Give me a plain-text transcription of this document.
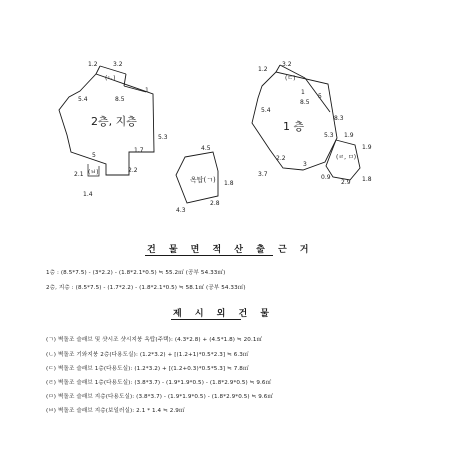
1.2	3.2
(ㄴ)
1
5.4	8.5
2층, 지층
5.3
5
1.7
2.2
2.1 (ㅂ)
1.4
4.5
옥탑(ㄱ) 1.8
2.8
4.3
1.2
3.2
(ㄷ)
1
5
5.4
8.5
8.3
1 층
5.3 1.9
1.9
2.2	(ㄹ, ㅁ)
3
3.7	0.9
2.9 1.8
건 물 면 적 산 출 근 거
1층 : (8.5*7.5) - (3*2.2) - (1.8*2.1*0.5) ≒ 55.2㎡ (공부 54.33㎡)
2층, 지층 : (8.5*7.5) - (1.7*2.2) - (1.8*2.1*0.5) ≒ 58.1㎡ (공부 54.33㎡)
제 시 외 건 물
(ㄱ) 벽돌조 슬래브 및 샷시조 샷시지붕 옥탑(주택): (4.3*2.8) + (4.5*1.8) ≒ 20.1㎡
(ㄴ) 벽돌조 기와지붕 2층(다용도실): (1.2*3.2) + [(1.2+1)*0.5*2.3] ≒ 6.3㎡
(ㄷ) 벽돌조 슬래브 1층(다용도실): (1.2*3.2) + [(1.2+0.3)*0.5*5.3] ≒ 7.8㎡
(ㄹ) 벽돌조 슬래브 1층(다용도실): (3.8*3.7) - (1.9*1.9*0.5) - (1.8*2.9*0.5) ≒ 9.6㎡
(ㅁ) 벽돌조 슬래브 지층(다용도실): (3.8*3.7) - (1.9*1.9*0.5) - (1.8*2.9*0.5) ≒ 9.6㎡
(ㅂ) 벽돌조 슬래브 지층(보일러실): 2.1 * 1.4 ≒ 2.9㎡
